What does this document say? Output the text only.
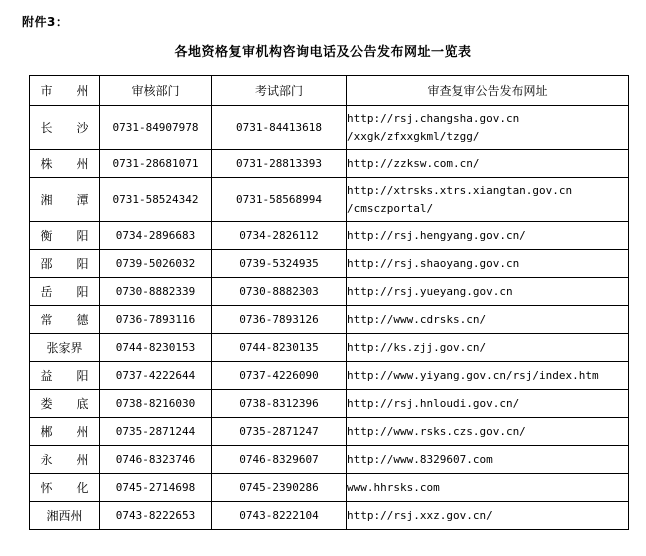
附件3：
各地资格复审机构咨询电话及公告发布网址一览表
市　　州	审核部门	考试部门	审查复审公告发布网址
长　　沙	0731-84907978	0731-84413618	http://rsj.changsha.gov.cn
/xxgk/zfxxgkml/tzgg/

株　　州	0731-28681071	0731-28813393	http://zzksw.com.cn/

湘　　潭	0731-58524342	0731-58568994	http://xtrsks.xtrs.xiangtan.gov.cn
/cmsczportal/

衡　　阳	0734-2896683	0734-2826112	http://rsj.hengyang.gov.cn/

邵　　阳	0739-5026032	0739-5324935	http://rsj.shaoyang.gov.cn

岳　　阳	0730-8882339	0730-8882303	http://rsj.yueyang.gov.cn

常　　德	0736-7893116	0736-7893126	http://www.cdrsks.cn/

张家界	0744-8230153	0744-8230135	http://ks.zjj.gov.cn/

益　　阳	0737-4222644	0737-4226090	http://www.yiyang.gov.cn/rsj/index.htm

娄　　底	0738-8216030	0738-8312396	http://rsj.hnloudi.gov.cn/

郴　　州	0735-2871244	0735-2871247	http://www.rsks.czs.gov.cn/

永　　州	0746-8323746	0746-8329607	http://www.8329607.com

怀　　化	0745-2714698	0745-2390286	www.hhrsks.com

湘西州	0743-8222653	0743-8222104	http://rsj.xxz.gov.cn/
